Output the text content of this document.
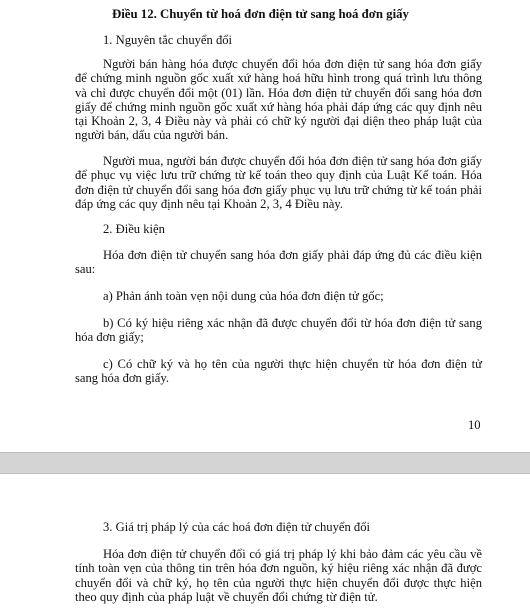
Điều 12. Chuyển từ hoá đơn điện tử sang hoá đơn giấy

1. Nguyên tắc chuyển đổi

Người bán hàng hóa được chuyển đổi hóa đơn điện tử sang hóa đơn giấy để chứng minh nguồn gốc xuất xứ hàng hoá hữu hình trong quá trình lưu thông và chỉ được chuyển đổi một (01) lần. Hóa đơn điện tử chuyển đổi sang hóa đơn giấy để chứng minh nguồn gốc xuất xứ hàng hóa phải đáp ứng các quy định nêu tại Khoản 2, 3, 4 Điều này và phải có chữ ký người đại diện theo pháp luật của người bán, dấu của người bán.

Người mua, người bán được chuyển đổi hóa đơn điện tử sang hóa đơn giấy để phục vụ việc lưu trữ chứng từ kế toán theo quy định của Luật Kế toán. Hóa đơn điện tử chuyển đổi sang hóa đơn giấy phục vụ lưu trữ chứng từ kế toán phải đáp ứng các quy định nêu tại Khoản 2, 3, 4 Điều này.

2. Điều kiện

Hóa đơn điện tử chuyển sang hóa đơn giấy phải đáp ứng đủ các điều kiện sau:

a) Phản ánh toàn vẹn nội dung của hóa đơn điện tử gốc;

b) Có ký hiệu riêng xác nhận đã được chuyển đổi từ hóa đơn điện tử sang hóa đơn giấy;

c) Có chữ ký và họ tên của người thực hiện chuyển từ hóa đơn điện tử sang hóa đơn giấy.

10

3. Giá trị pháp lý của các hoá đơn điện tử chuyển đổi

Hóa đơn điện tử chuyển đổi có giá trị pháp lý khi bảo đảm các yêu cầu về tính toàn vẹn của thông tin trên hóa đơn nguồn, ký hiệu riêng xác nhận đã được chuyển đổi và chữ ký, họ tên của người thực hiện chuyển đổi được thực hiện theo quy định của pháp luật về chuyển đổi chứng từ điện tử.
